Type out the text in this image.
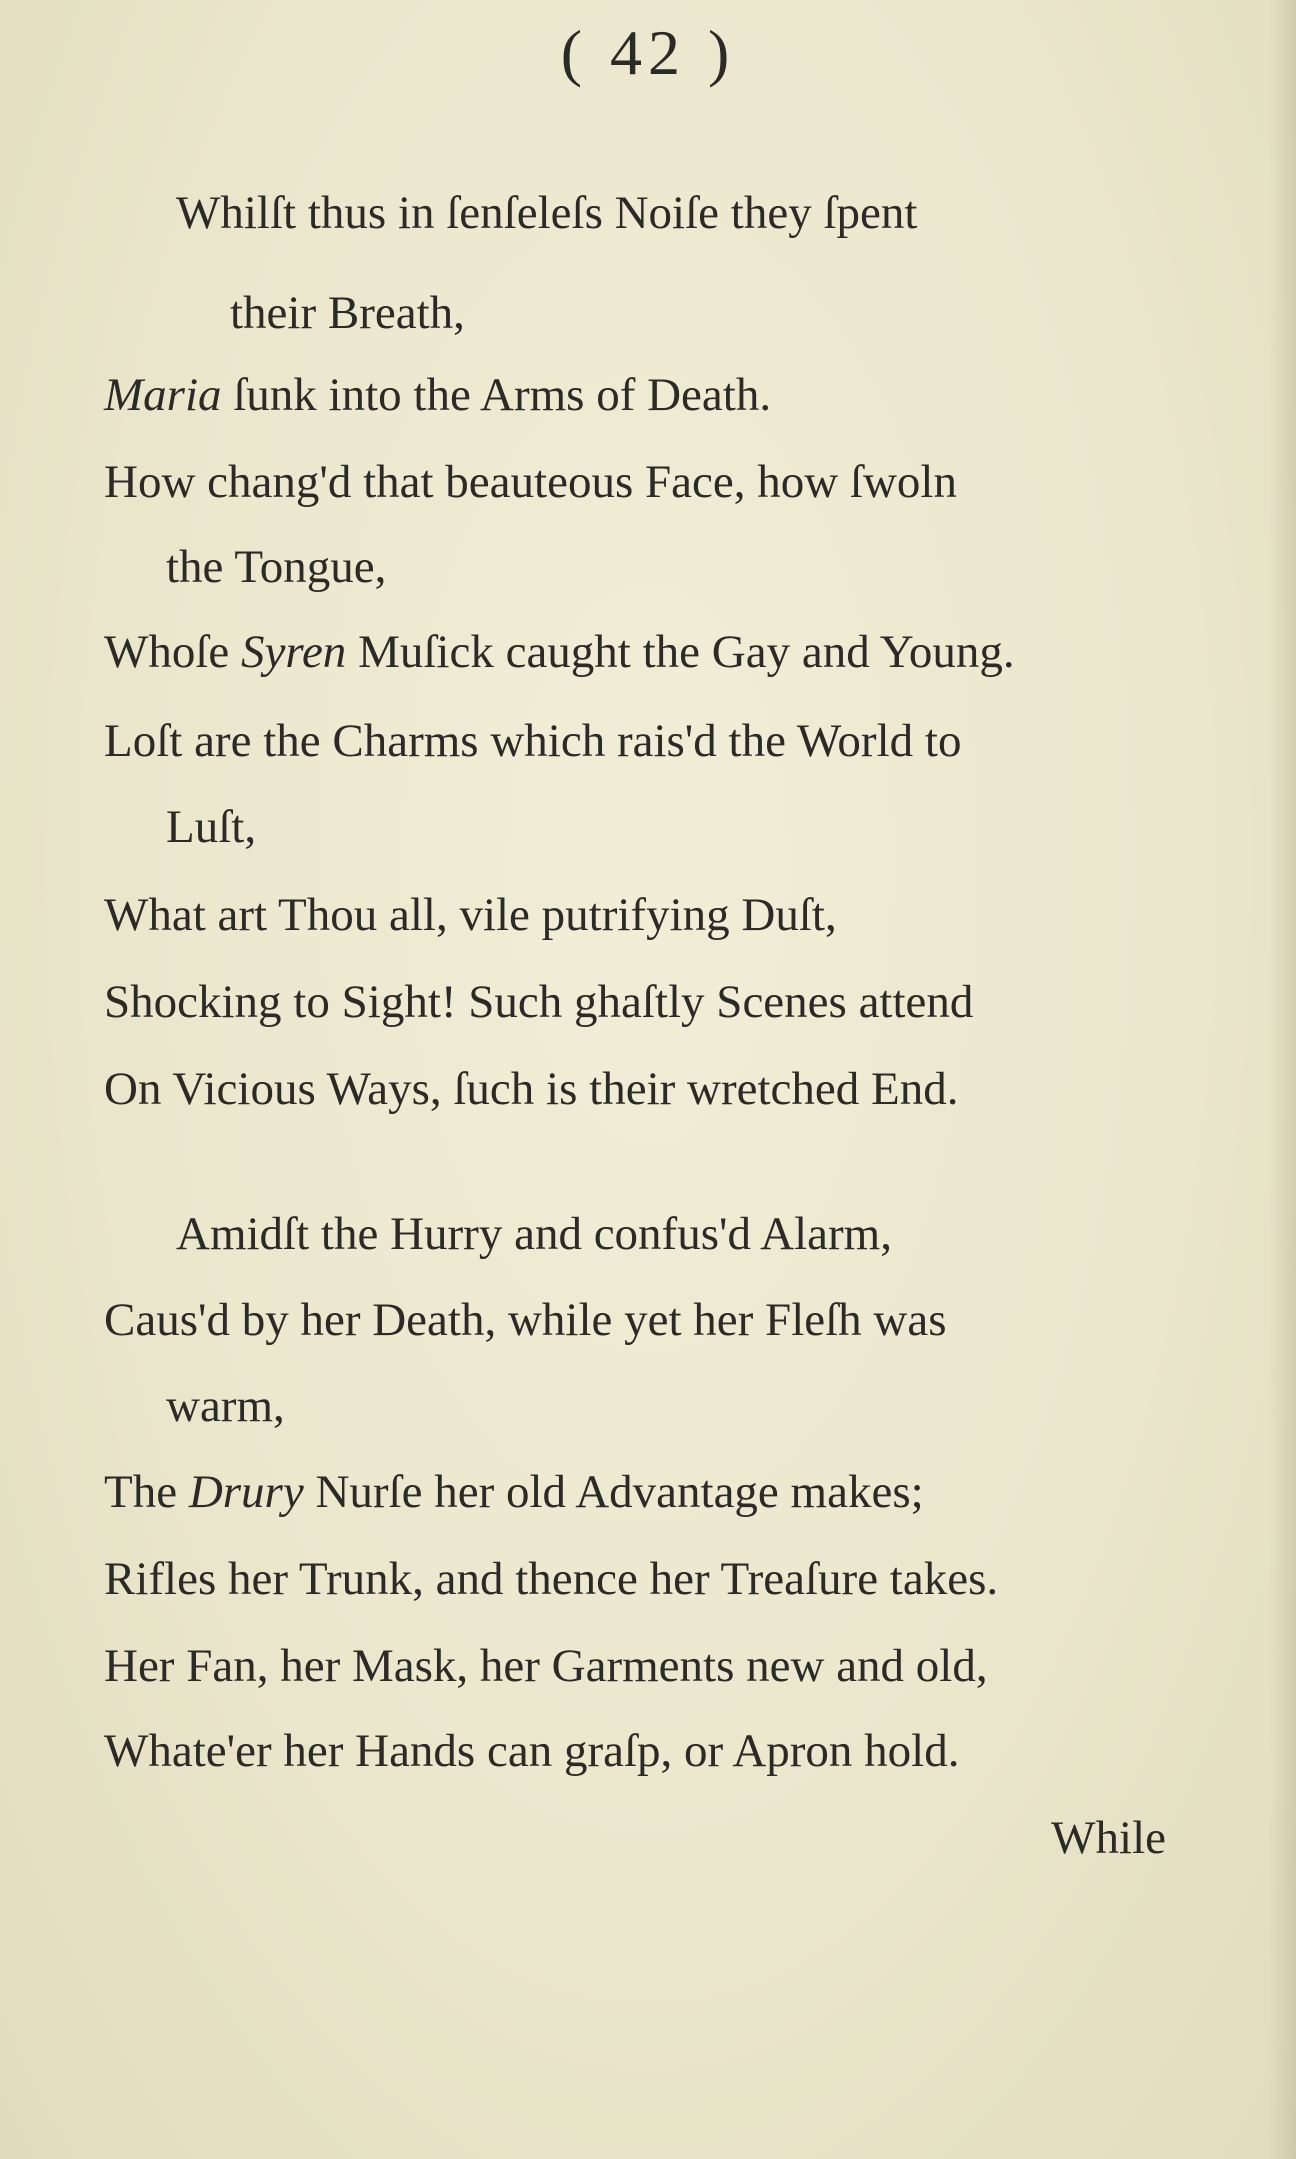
( 42 )
Whilſt thus in ſenſeleſs Noiſe they ſpent
their Breath,
Maria ſunk into the Arms of Death.
How chang'd that beauteous Face, how ſwoln
the Tongue,
Whoſe Syren Muſick caught the Gay and Young.
Loſt are the Charms which rais'd the World to
Luſt,
What art Thou all, vile putrifying Duſt,
Shocking to Sight! Such ghaſtly Scenes attend
On Vicious Ways, ſuch is their wretched End.
Amidſt the Hurry and confus'd Alarm,
Caus'd by her Death, while yet her Fleſh was
warm,
The Drury Nurſe her old Advantage makes;
Rifles her Trunk, and thence her Treaſure takes.
Her Fan, her Mask, her Garments new and old,
Whate'er her Hands can graſp, or Apron hold.
While
